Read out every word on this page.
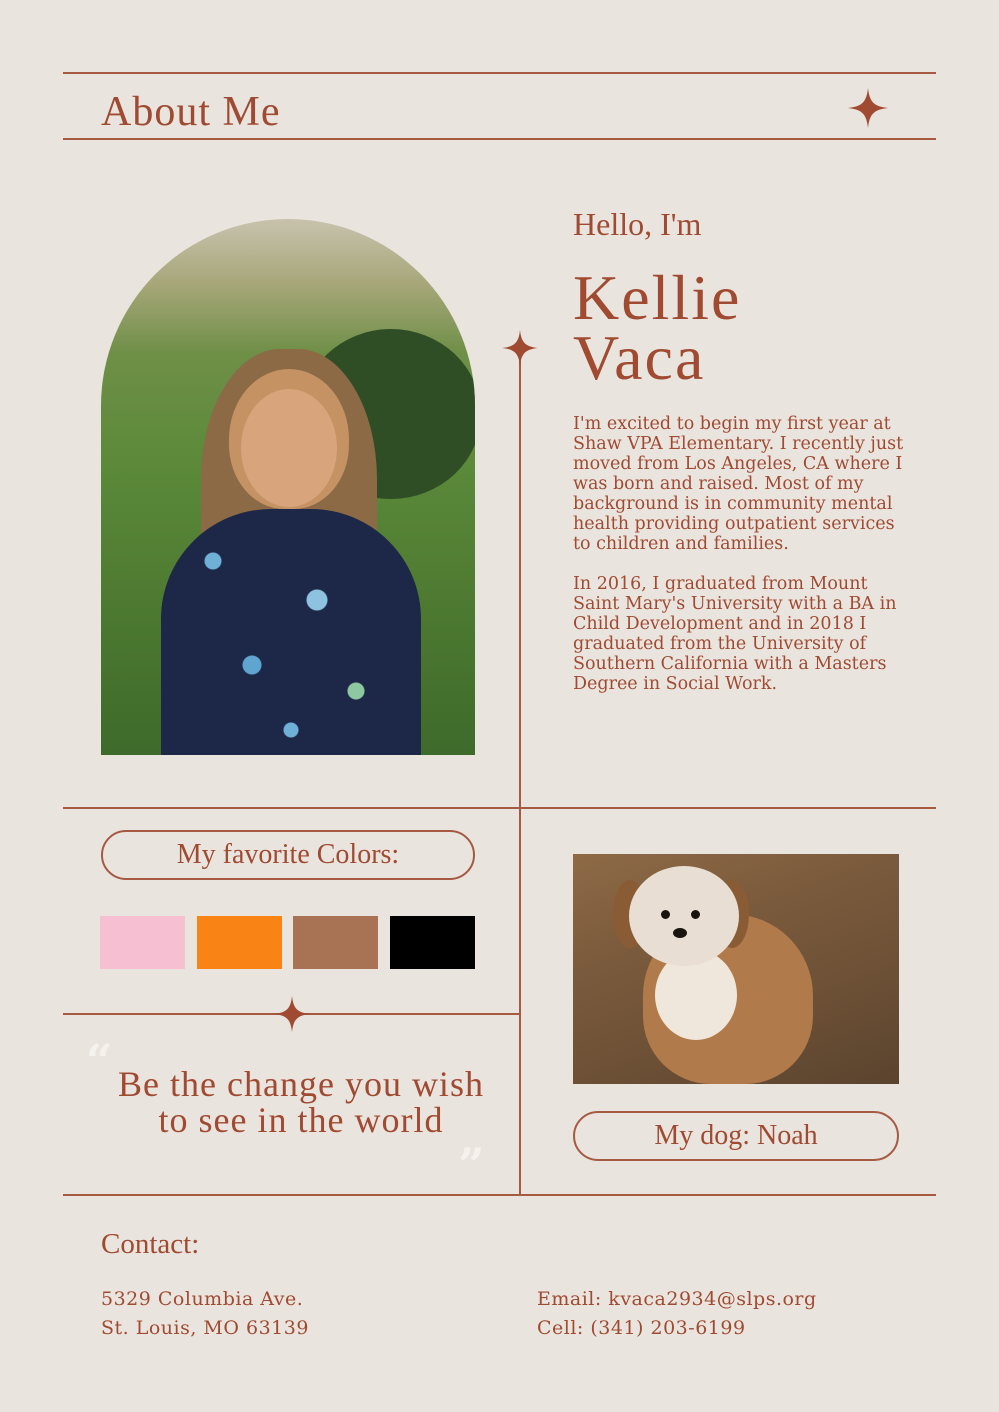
About Me
Hello, I'm
Kellie
Vaca

I'm excited to begin my first year at Shaw VPA Elementary. I recently just moved from Los Angeles, CA where I was born and raised. Most of my background is in community mental health providing outpatient services to children and families.

In 2016, I graduated from Mount Saint Mary's University with a BA in Child Development and in 2018 I graduated from the University of Southern California with a Masters Degree in Social Work.

My favorite Colors:
“ Be the change you wish to see in the world
”
My dog: Noah
Contact:
5329 Columbia Ave.
St. Louis, MO 63139
Email: kvaca2934@slps.org
Cell: (341) 203-6199
